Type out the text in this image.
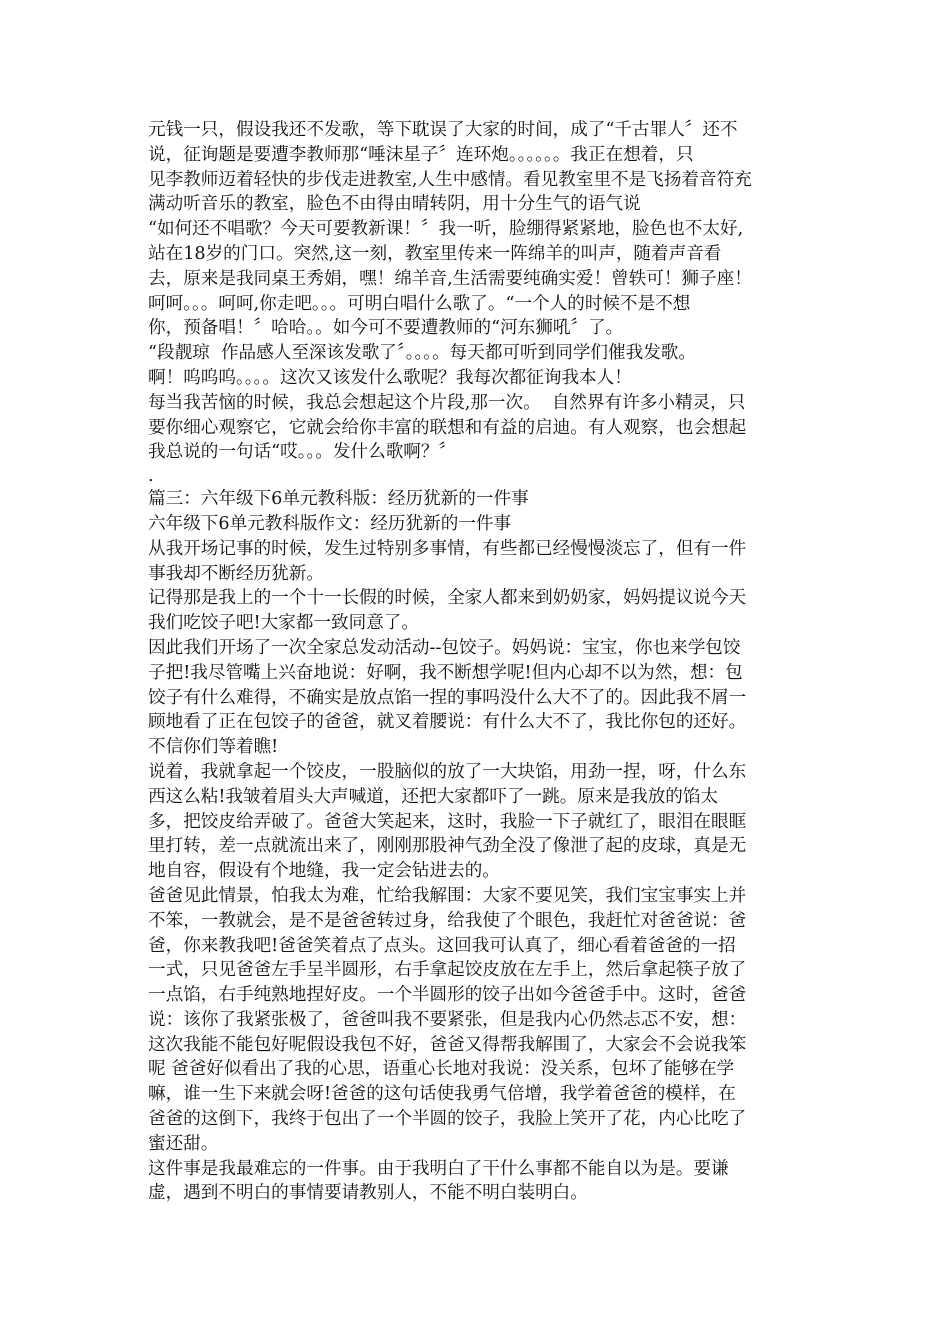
元钱一只，假设我还不发歌，等下耽误了大家的时间，成了“千古罪人〞还不
说，征询题是要遭李教师那“唾沫星子〞连环炮。。。。。。我正在想着，只
见李教师迈着轻快的步伐走进教室,人生中感情。看见教室里不是飞扬着音符充
满动听音乐的教室，脸色不由得由晴转阴，用十分生气的语气说
“如何还不唱歌？今天可要教新课！〞我一听，脸绷得紧紧地，脸色也不太好,
站在18岁的门口。突然,这一刻，教室里传来一阵绵羊的叫声，随着声音看
去，原来是我同桌王秀娟，嘿！绵羊音,生活需要纯确实爱！曾轶可！狮子座！
呵呵。。。呵呵,你走吧。。。可明白唱什么歌了。“一个人的时候不是不想
你，预备唱！〞哈哈。。如今可不要遭教师的“河东狮吼〞了。
“段靓琼  作品感人至深该发歌了〞。。。。每天都可听到同学们催我发歌。
啊！呜呜呜。。。。这次又该发什么歌呢？我每次都征询我本人！
每当我苦恼的时候，我总会想起这个片段,那一次。  自然界有许多小精灵，只
要你细心观察它，它就会给你丰富的联想和有益的启迪。有人观察，也会想起
我总说的一句话“哎。。。发什么歌啊？〞
.
篇三：六年级下6单元教科版：经历犹新的一件事
六年级下6单元教科版作文：经历犹新的一件事
从我开场记事的时候，发生过特别多事情，有些都已经慢慢淡忘了，但有一件
事我却不断经历犹新。
记得那是我上的一个十一长假的时候，全家人都来到奶奶家，妈妈提议说今天
我们吃饺子吧!大家都一致同意了。
因此我们开场了一次全家总发动活动--包饺子。妈妈说：宝宝，你也来学包饺
子把!我尽管嘴上兴奋地说：好啊，我不断想学呢!但内心却不以为然，想：包
饺子有什么难得，不确实是放点馅一捏的事吗没什么大不了的。因此我不屑一
顾地看了正在包饺子的爸爸，就叉着腰说：有什么大不了，我比你包的还好。
不信你们等着瞧!
说着，我就拿起一个饺皮，一股脑似的放了一大块馅，用劲一捏，呀，什么东
西这么粘!我皱着眉头大声喊道，还把大家都吓了一跳。原来是我放的馅太
多，把饺皮给弄破了。爸爸大笑起来，这时，我脸一下子就红了，眼泪在眼眶
里打转，差一点就流出来了，刚刚那股神气劲全没了像泄了起的皮球，真是无
地自容，假设有个地缝，我一定会钻进去的。
爸爸见此情景，怕我太为难，忙给我解围：大家不要见笑，我们宝宝事实上并
不笨，一教就会，是不是爸爸转过身，给我使了个眼色，我赶忙对爸爸说：爸
爸，你来教我吧!爸爸笑着点了点头。这回我可认真了，细心看着爸爸的一招
一式，只见爸爸左手呈半圆形，右手拿起饺皮放在左手上，然后拿起筷子放了
一点馅，右手纯熟地捏好皮。一个半圆形的饺子出如今爸爸手中。这时，爸爸
说：该你了我紧张极了，爸爸叫我不要紧张，但是我内心仍然忐忑不安，想：
这次我能不能包好呢假设我包不好，爸爸又得帮我解围了，大家会不会说我笨
呢 爸爸好似看出了我的心思，语重心长地对我说：没关系，包坏了能够在学
嘛，谁一生下来就会呀!爸爸的这句话使我勇气倍增，我学着爸爸的模样，在
爸爸的这倒下，我终于包出了一个半圆的饺子，我脸上笑开了花，内心比吃了
蜜还甜。
这件事是我最难忘的一件事。由于我明白了干什么事都不能自以为是。要谦
虚，遇到不明白的事情要请教别人，不能不明白装明白。
